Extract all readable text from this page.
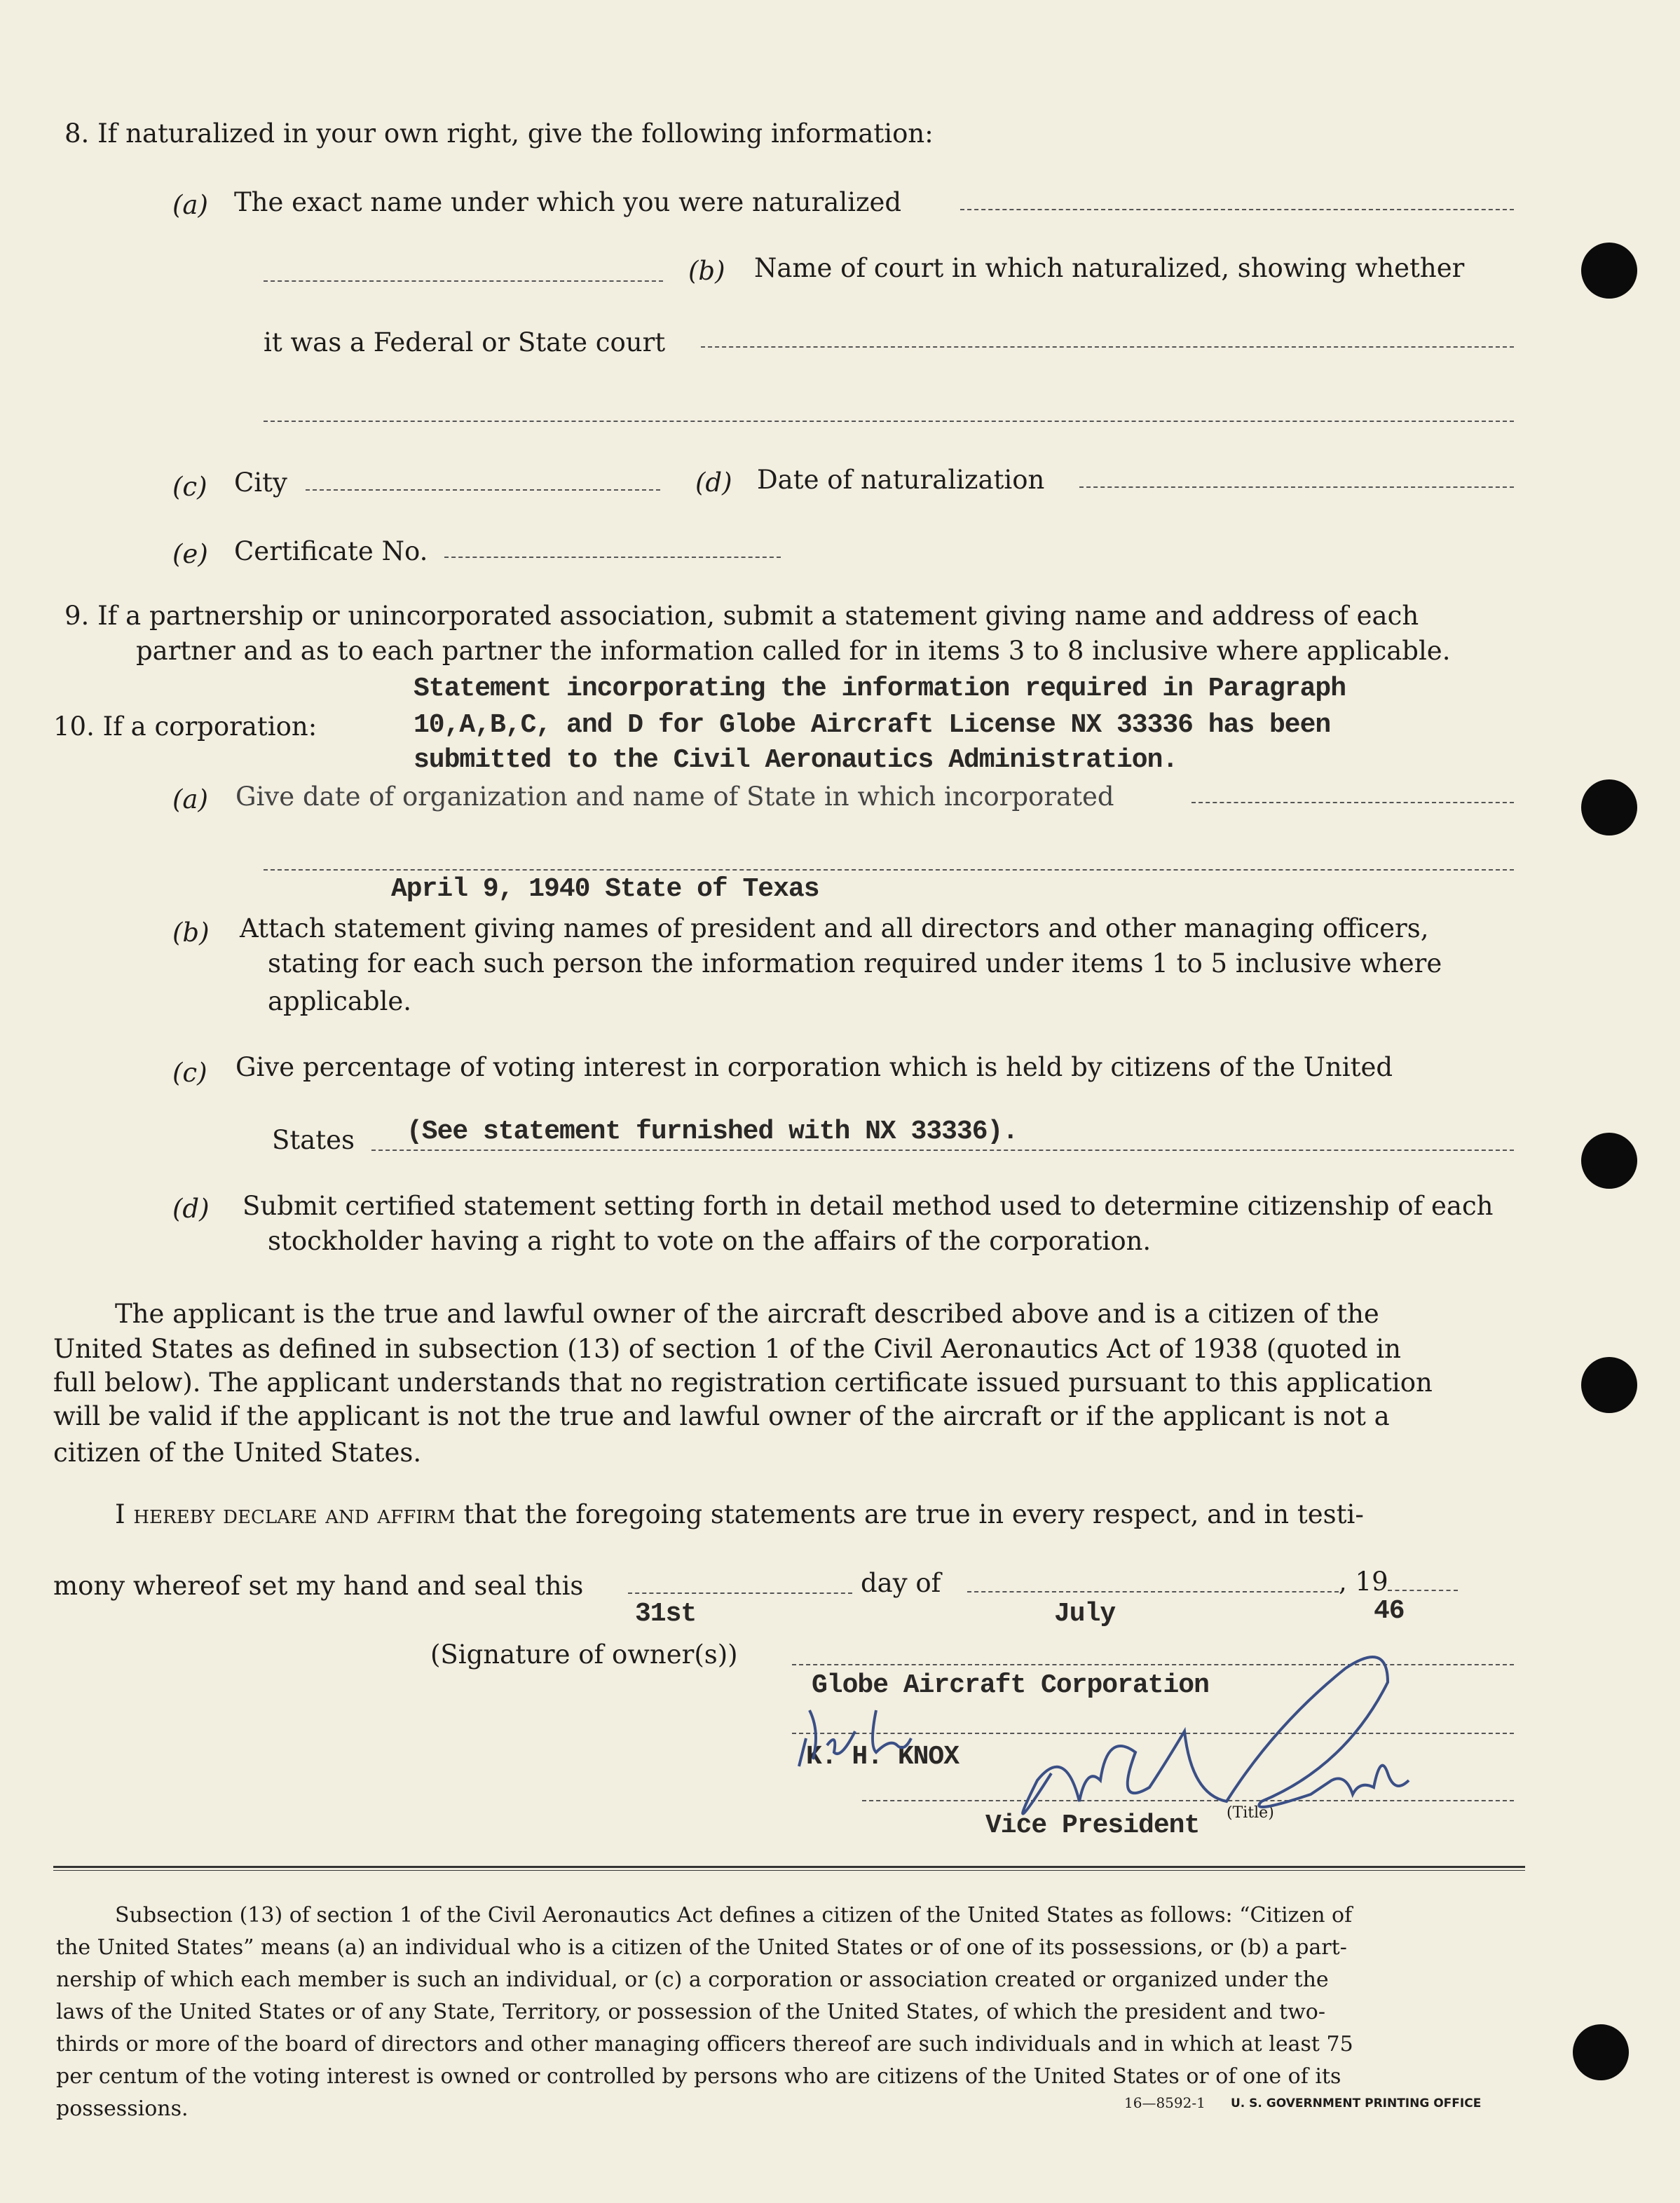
8. If naturalized in your own right, give the following information:
(a) The exact name under which you were naturalized
(b) Name of court in which naturalized, showing whether
it was a Federal or State court
(c) City	(d) Date of naturalization
(e) Certificate No.
9. If a partnership or unincorporated association, submit a statement giving name and address of each
partner and as to each partner the information called for in items 3 to 8 inclusive where applicable.
Statement incorporating the information required in Paragraph
10. If a corporation:	10,A,B,C, and D for Globe Aircraft License NX 33336 has been
submitted to the Civil Aeronautics Administration.
(a) Give date of organization and name of State in which incorporated
April 9, 1940 State of Texas
(b) Attach statement giving names of president and all directors and other managing officers,
stating for each such person the information required under items 1 to 5 inclusive where
applicable.
(c) Give percentage of voting interest in corporation which is held by citizens of the United
States (See statement furnished with NX 33336).
(d) Submit certified statement setting forth in detail method used to determine citizenship of each
stockholder having a right to vote on the affairs of the corporation.
The applicant is the true and lawful owner of the aircraft described above and is a citizen of the
United States as defined in subsection (13) of section 1 of the Civil Aeronautics Act of 1938 (quoted in
full below). The applicant understands that no registration certificate issued pursuant to this application
will be valid if the applicant is not the true and lawful owner of the aircraft or if the applicant is not a
citizen of the United States.
I hereby declare and affirm that the foregoing statements are true in every respect, and in testi-
mony whereof set my hand and seal this	day of	, 19
31st	July	46
(Signature of owner(s))
Globe Aircraft Corporation
K. H. KNOX
Vice President (Title)
Subsection (13) of section 1 of the Civil Aeronautics Act defines a citizen of the United States as follows: “Citizen of
the United States” means (a) an individual who is a citizen of the United States or of one of its possessions, or (b) a part-
nership of which each member is such an individual, or (c) a corporation or association created or organized under the
laws of the United States or of any State, Territory, or possession of the United States, of which the president and two-
thirds or more of the board of directors and other managing officers thereof are such individuals and in which at least 75
per centum of the voting interest is owned or controlled by persons who are citizens of the United States or of one of its
possessions.	16—8592-1 U. S. GOVERNMENT PRINTING OFFICE
